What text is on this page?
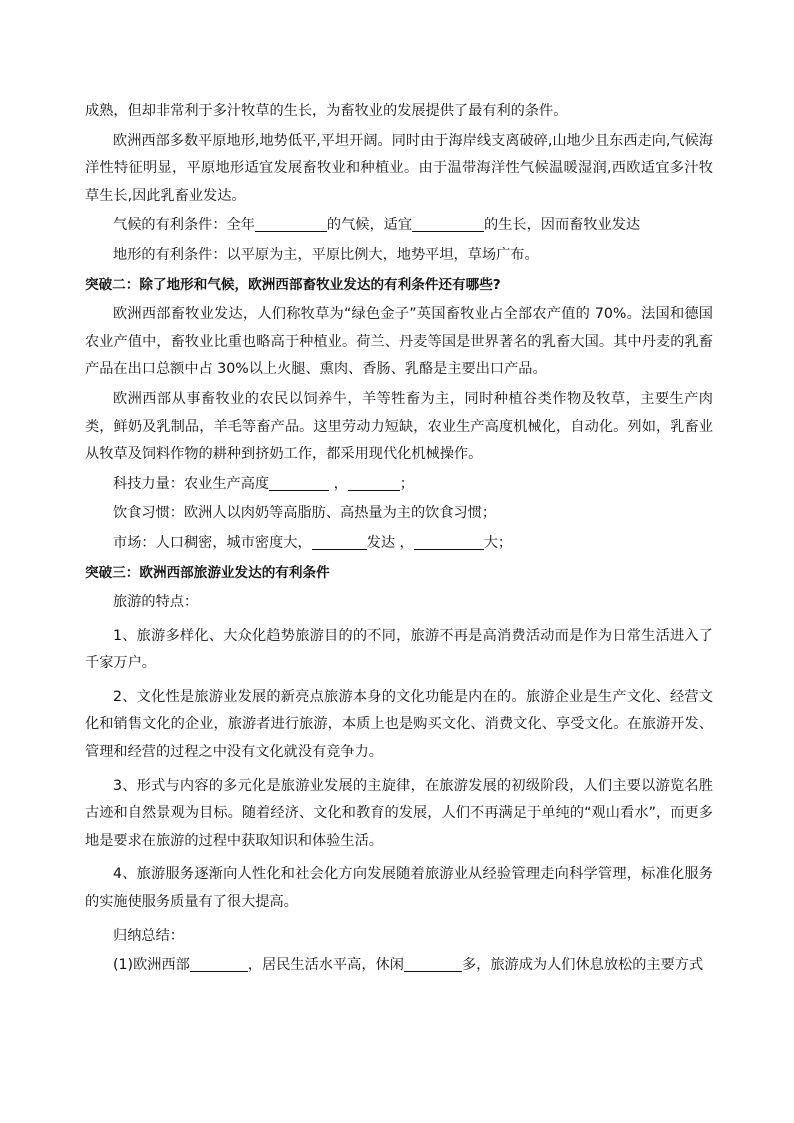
成熟，但却非常利于多汁牧草的生长，为畜牧业的发展提供了最有利的条件。

欧洲西部多数平原地形,地势低平,平坦开阔。同时由于海岸线支离破碎,山地少且东西走向,气候海洋性特征明显，平原地形适宜发展畜牧业和种植业。由于温带海洋性气候温暖湿润,西欧适宜多汁牧草生长,因此乳畜业发达。

气候的有利条件：全年	的气候，适宜	的生长，因而畜牧业发达

地形的有利条件：以平原为主，平原比例大，地势平坦，草场广布。

突破二：除了地形和气候，欧洲西部畜牧业发达的有利条件还有哪些?

欧洲西部畜牧业发达，人们称牧草为“绿色金子”英国畜牧业占全部农产值的 70%。法国和德国农业产值中，畜牧业比重也略高于种植业。荷兰、丹麦等国是世界著名的乳畜大国。其中丹麦的乳畜产品在出口总额中占 30%以上火腿、熏肉、香肠、乳酪是主要出口产品。

欧洲西部从事畜牧业的农民以饲养牛，羊等牲畜为主，同时种植谷类作物及牧草，主要生产肉类，鲜奶及乳制品，羊毛等畜产品。这里劳动力短缺，农业生产高度机械化，自动化。列如，乳畜业从牧草及饲料作物的耕种到挤奶工作，都采用现代化机械操作。

科技力量：农业生产高度	，	；

饮食习惯：欧洲人以肉奶等高脂肪、高热量为主的饮食习惯；

市场：人口稠密，城市密度大，	发达 ，	大；

突破三：欧洲西部旅游业发达的有利条件

旅游的特点：

1、旅游多样化、大众化趋势旅游目的的不同，旅游不再是高消费活动而是作为日常生活进入了千家万户。

2、文化性是旅游业发展的新亮点旅游本身的文化功能是内在的。旅游企业是生产文化、经营文化和销售文化的企业，旅游者进行旅游，本质上也是购买文化、消费文化、享受文化。在旅游开发、管理和经营的过程之中没有文化就没有竞争力。

3、形式与内容的多元化是旅游业发展的主旋律，在旅游发展的初级阶段，人们主要以游览名胜古迹和自然景观为目标。随着经济、文化和教育的发展，人们不再满足于单纯的“观山看水”，而更多地是要求在旅游的过程中获取知识和体验生活。

4、旅游服务逐渐向人性化和社会化方向发展随着旅游业从经验管理走向科学管理，标准化服务的实施使服务质量有了很大提高。

归纳总结：

(1)欧洲西部	，居民生活水平高，休闲	多，旅游成为人们休息放松的主要方式
